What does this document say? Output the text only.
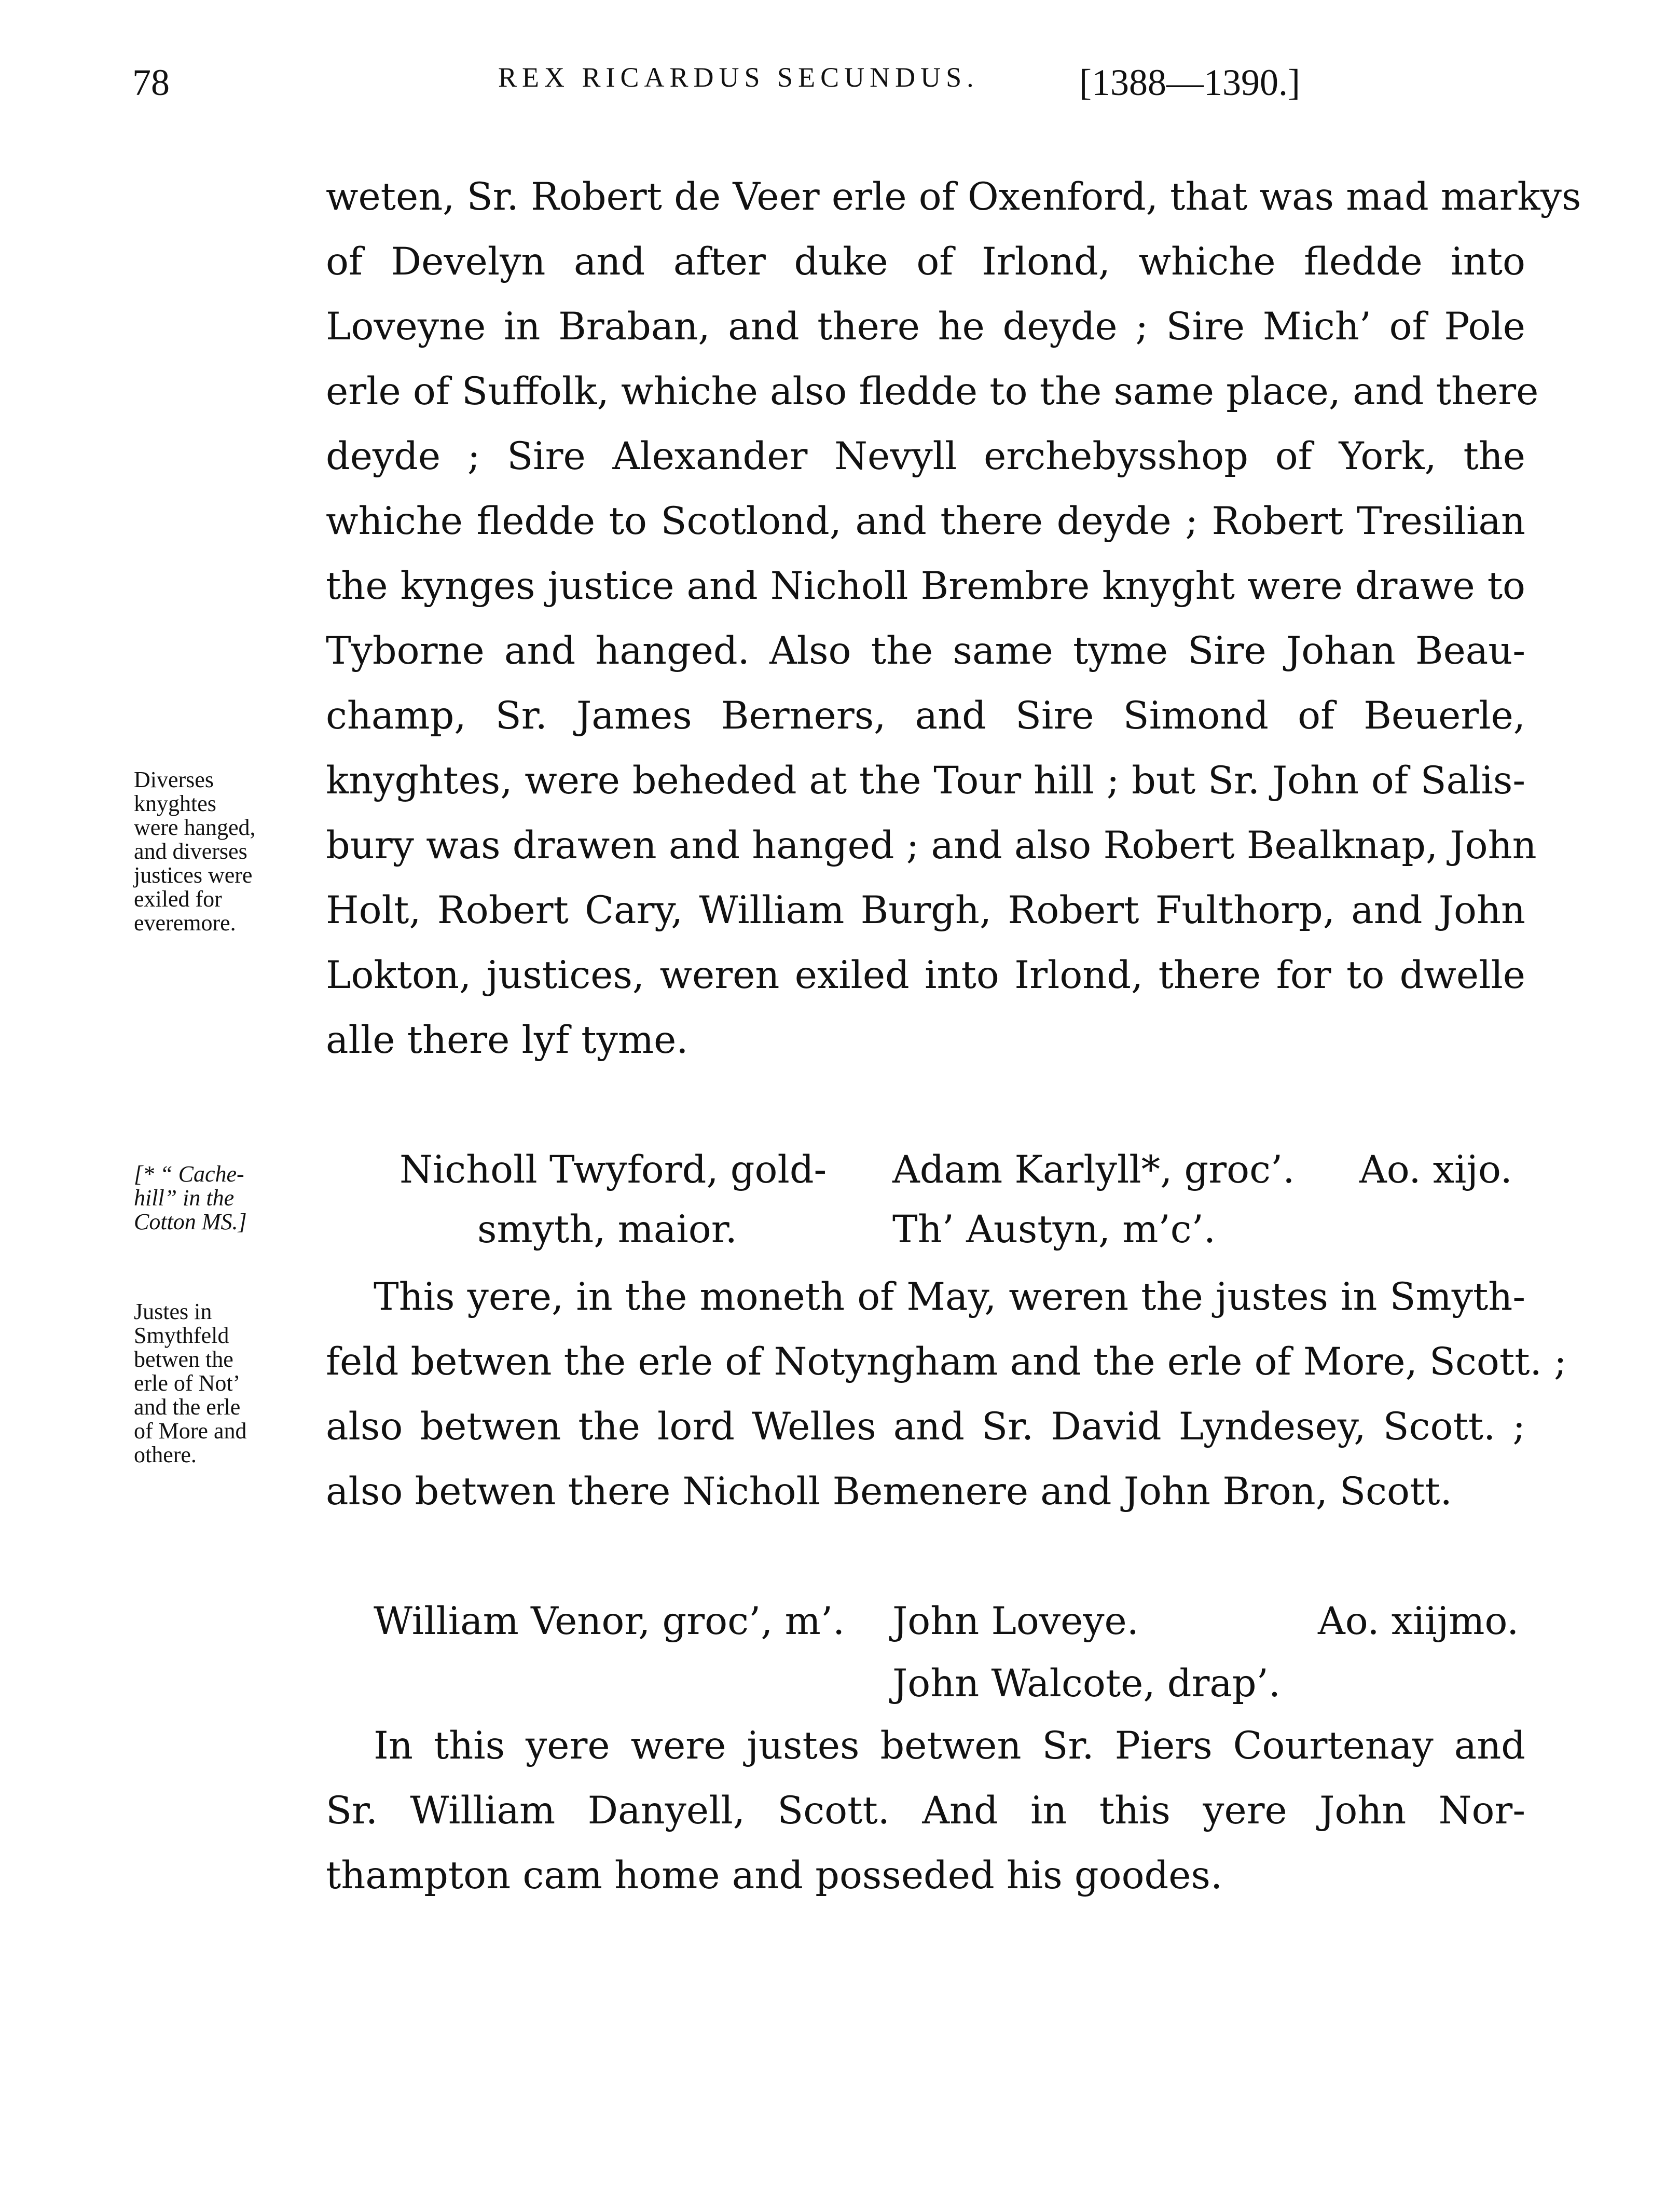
78	REX RICARDUS SECUNDUS.	[1388—1390.]
weten, Sr. Robert de Veer erle of Oxenford, that was mad markys
of Develyn and after duke of Irlond, whiche fledde into
Loveyne in Braban, and there he deyde ; Sire Mich’ of Pole
erle of Suffolk, whiche also fledde to the same place, and there
deyde ; Sire Alexander Nevyll erchebysshop of York, the
whiche fledde to Scotlond, and there deyde ; Robert Tresilian
the kynges justice and Nicholl Brembre knyght were drawe to
Tyborne and hanged. Also the same tyme Sire Johan Beau-
champ, Sr. James Berners, and Sire Simond of Beuerle,
knyghtes, were beheded at the Tour hill ; but Sr. John of Salis-
bury was drawen and hanged ; and also Robert Bealknap, John
Holt, Robert Cary, William Burgh, Robert Fulthorp, and John
Lokton, justices, weren exiled into Irlond, there for to dwelle
alle there lyf tyme.
Diverses
knyghtes
were hanged,
and diverses
justices were
exiled for
everemore.
[* “ Cache-
hill” in the
Cotton MS.]
Nicholl Twyford, gold-
smyth, maior.
Adam Karlyll*, groc’.
Th’ Austyn, m’c’.
Ao. xijo.
Justes in
Smythfeld
betwen the
erle of Not’
and the erle
of More and
othere.
This yere, in the moneth of May, weren the justes in Smyth-
feld betwen the erle of Notyngham and the erle of More, Scott. ;
also betwen the lord Welles and Sr. David Lyndesey, Scott. ;
also betwen there Nicholl Bemenere and John Bron, Scott.
William Venor, groc’, m’. John Loveye.
John Walcote, drap’.
Ao. xiijmo.
In this yere were justes betwen Sr. Piers Courtenay and
Sr. William Danyell, Scott. And in this yere John Nor-
thampton cam home and posseded his goodes.
